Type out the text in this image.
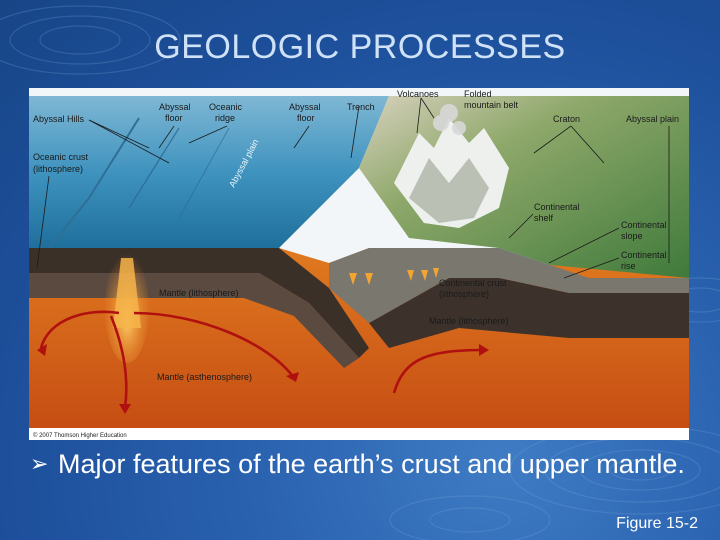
GEOLOGIC PROCESSES
Abyssal Hills
Oceanic crust
(lithosphere)
Abyssal
floor
Oceanic
ridge
Abyssal
floor
Trench
Volcanoes	Folded
mountain belt
Craton	Abyssal plain
Continental
shelf
Continental
slope
Continental
rise
Continental crust
(lithosphere)
Mantle (lithosphere)
Mantle (lithosphere)
Mantle (asthenosphere)
Abyssal plain
© 2007 Thomson Higher Education
➢ Major features of the earth’s crust and upper mantle.
Figure 15-2
